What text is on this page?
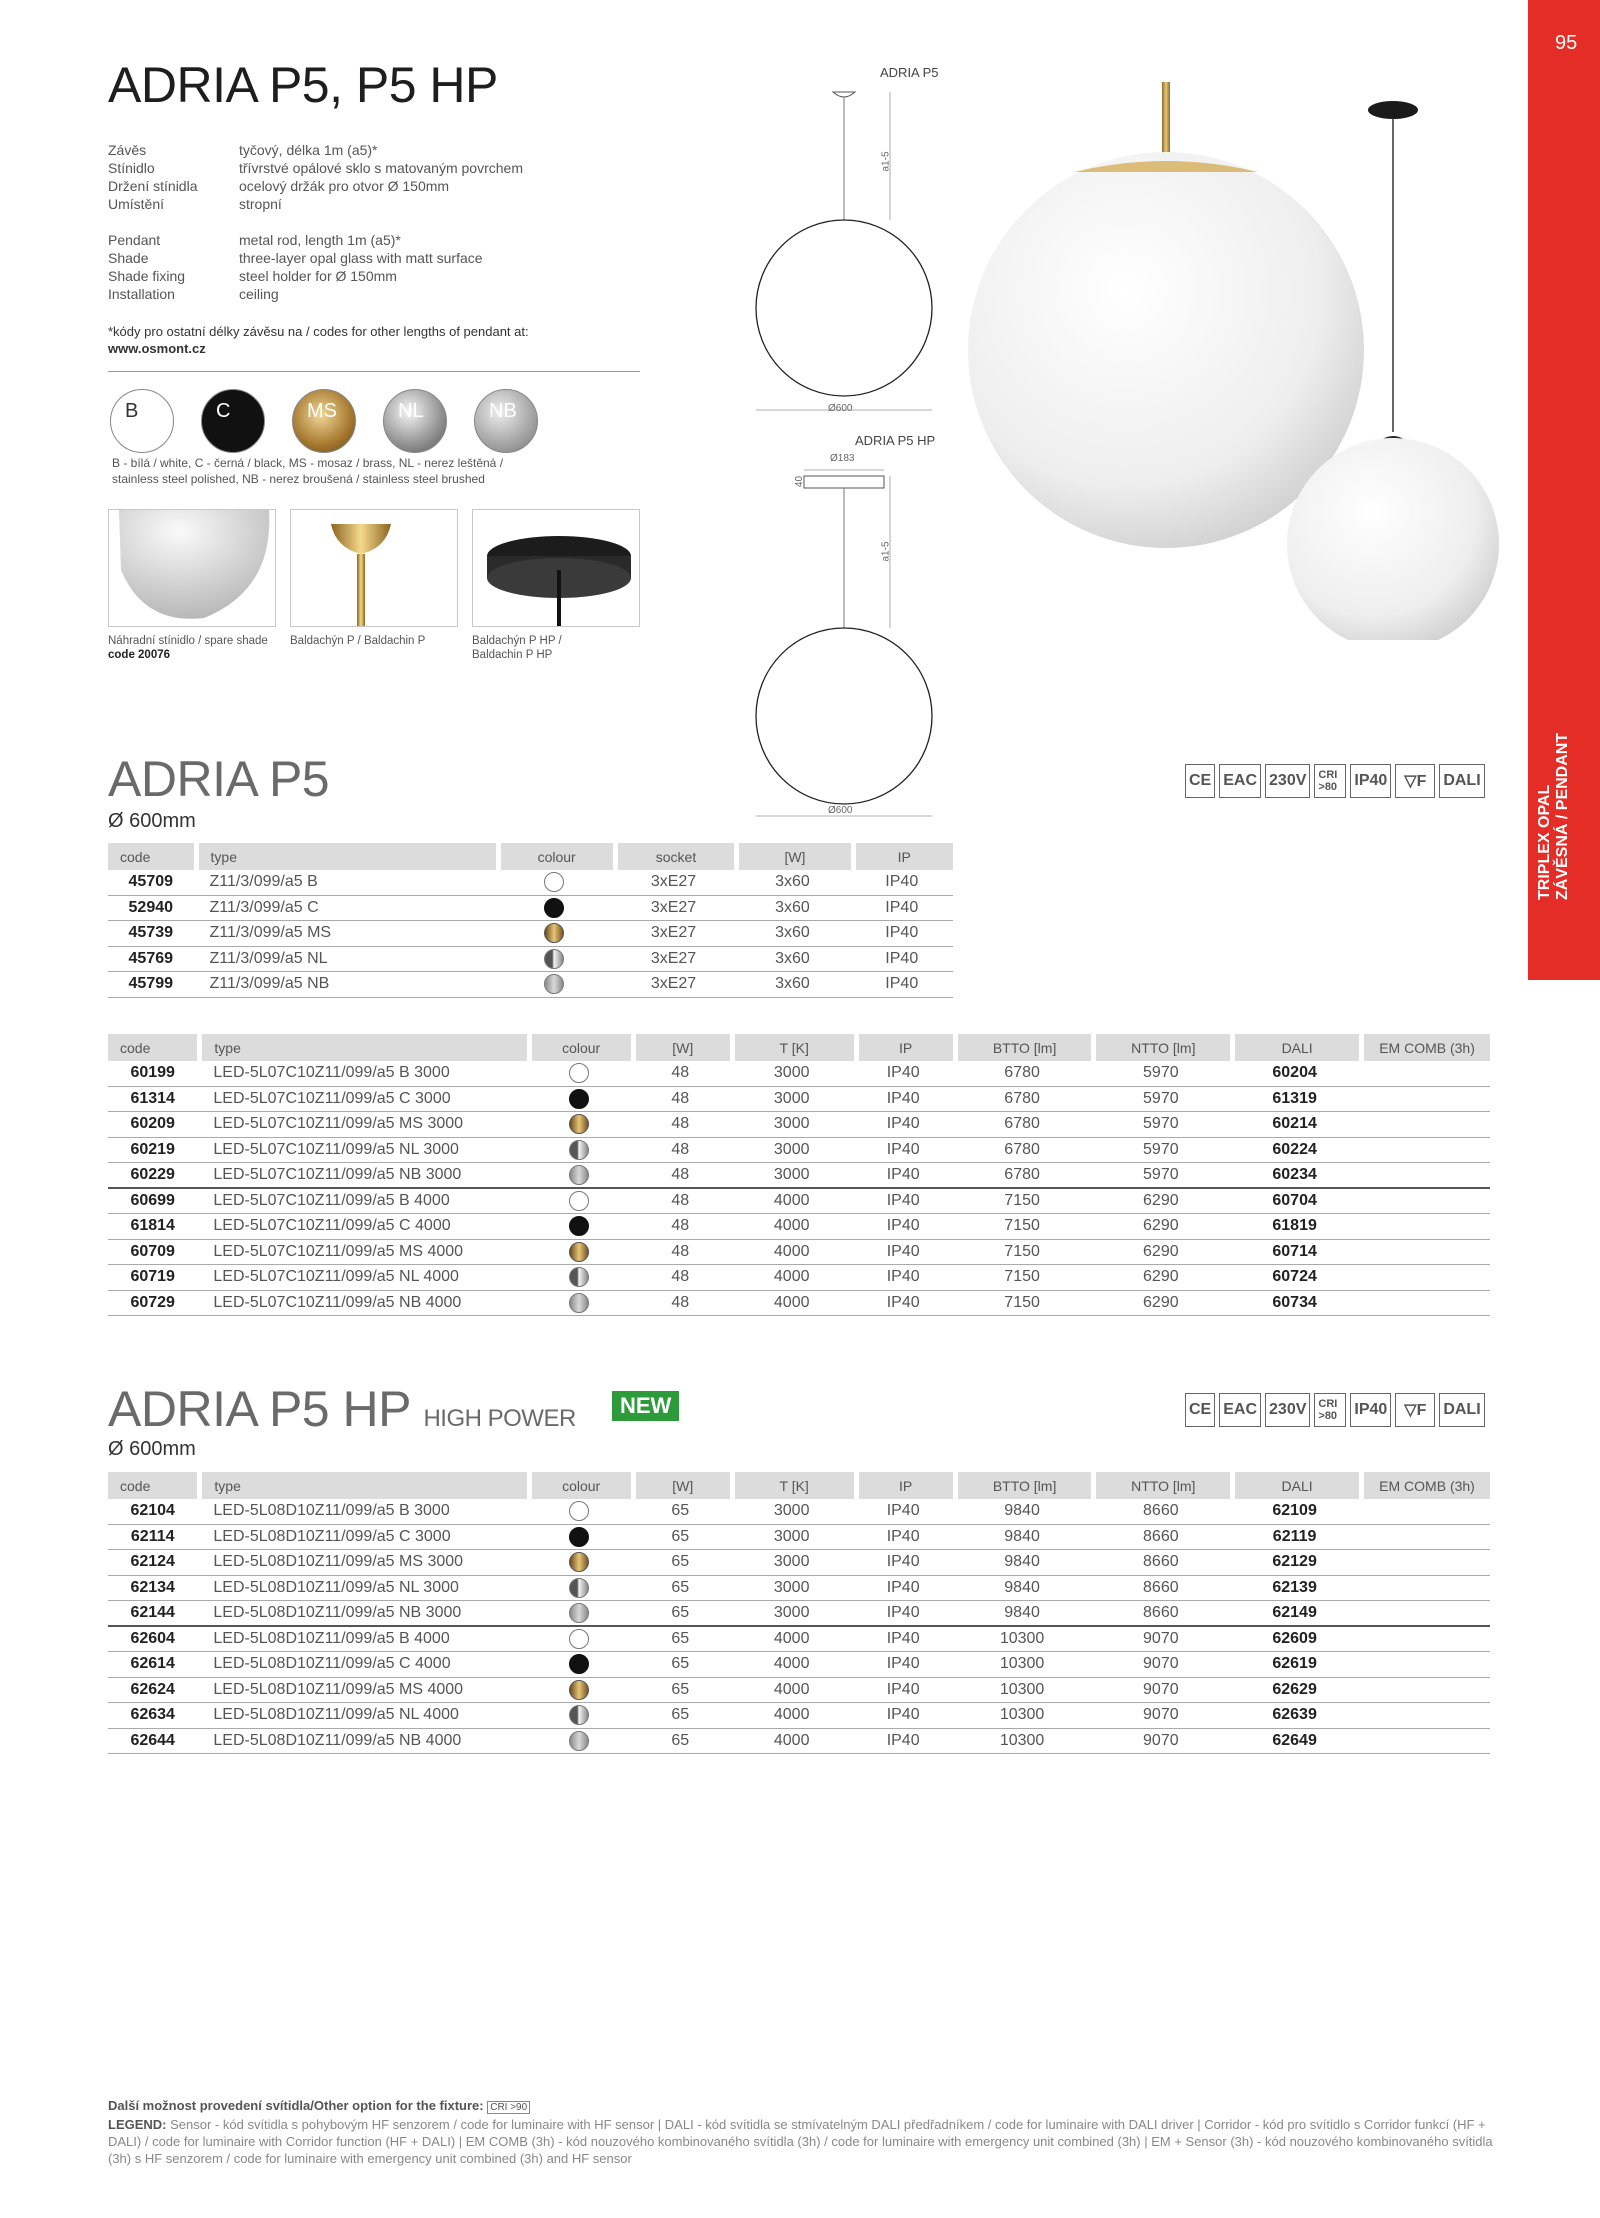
95
TRIPLEX OPAL ZÁVĚSNÁ / PENDANT
ADRIA P5, P5 HP
Závěs	tyčový, délka 1m (a5)*
Stínidlo	třívrstvé opálové sklo s matovaným povrchem
Držení stínidla	ocelový držák pro otvor Ø 150mm
Umístění	stropní
Pendant	metal rod, length 1m (a5)*
Shade	three-layer opal glass with matt surface
Shade fixing	steel holder for Ø 150mm
Installation	ceiling
*kódy pro ostatní délky závěsu na / codes for other lengths of pendant at:
www.osmont.cz
B	C	MS	NL	NB
B - bílá / white, C - černá / black, MS - mosaz / brass, NL - nerez leštěná /
stainless steel polished, NB - nerez broušená / stainless steel brushed
Náhradní stínidlo / spare shade
code 20076
Baldachýn P / Baldachin P	Baldachýn P HP /
Baldachin P HP
ADRIA P5
ADRIA P5 HP
a1-5
Ø600
Ø183
40
a1-5
Ø600
ADRIA P5
Ø 600mm
CE EAC 230V	CRI >80	IP40	▽F	DALI
code	type	colour	socket	[W]	IP
45709	Z11/3/099/a5 B		3xE27	3x60	IP40
52940	Z11/3/099/a5 C		3xE27	3x60	IP40
45739	Z11/3/099/a5 MS		3xE27	3x60	IP40
45769	Z11/3/099/a5 NL		3xE27	3x60	IP40
45799	Z11/3/099/a5 NB		3xE27	3x60	IP40
code	type	colour	[W]	T [K]	IP	BTTO [lm]	NTTO [lm]	DALI	EM COMB (3h)
60199	LED-5L07C10Z11/099/a5 B 3000		48	3000	IP40	6780	5970	60204	
61314	LED-5L07C10Z11/099/a5 C 3000		48	3000	IP40	6780	5970	61319	
60209	LED-5L07C10Z11/099/a5 MS 3000		48	3000	IP40	6780	5970	60214	
60219	LED-5L07C10Z11/099/a5 NL 3000		48	3000	IP40	6780	5970	60224	
60229	LED-5L07C10Z11/099/a5 NB 3000		48	3000	IP40	6780	5970	60234	
60699	LED-5L07C10Z11/099/a5 B 4000		48	4000	IP40	7150	6290	60704	
61814	LED-5L07C10Z11/099/a5 C 4000		48	4000	IP40	7150	6290	61819	
60709	LED-5L07C10Z11/099/a5 MS 4000		48	4000	IP40	7150	6290	60714	
60719	LED-5L07C10Z11/099/a5 NL 4000		48	4000	IP40	7150	6290	60724	
60729	LED-5L07C10Z11/099/a5 NB 4000		48	4000	IP40	7150	6290	60734	
ADRIA P5 HP HIGH POWER	NEW
Ø 600mm
CE EAC 230V	CRI >80	IP40	▽F	DALI
code	type	colour	[W]	T [K]	IP	BTTO [lm]	NTTO [lm]	DALI	EM COMB (3h)
62104	LED-5L08D10Z11/099/a5 B 3000		65	3000	IP40	9840	8660	62109	
62114	LED-5L08D10Z11/099/a5 C 3000		65	3000	IP40	9840	8660	62119	
62124	LED-5L08D10Z11/099/a5 MS 3000		65	3000	IP40	9840	8660	62129	
62134	LED-5L08D10Z11/099/a5 NL 3000		65	3000	IP40	9840	8660	62139	
62144	LED-5L08D10Z11/099/a5 NB 3000		65	3000	IP40	9840	8660	62149	
62604	LED-5L08D10Z11/099/a5 B 4000		65	4000	IP40	10300	9070	62609	
62614	LED-5L08D10Z11/099/a5 C 4000		65	4000	IP40	10300	9070	62619	
62624	LED-5L08D10Z11/099/a5 MS 4000		65	4000	IP40	10300	9070	62629	
62634	LED-5L08D10Z11/099/a5 NL 4000		65	4000	IP40	10300	9070	62639	
62644	LED-5L08D10Z11/099/a5 NB 4000		65	4000	IP40	10300	9070	62649	
Další možnost provedení svítidla/Other option for the fixture: CRI >90
LEGEND: Sensor - kód svítidla s pohybovým HF senzorem / code for luminaire with HF sensor | DALI - kód svítidla se stmívatelným DALI předřadníkem / code for luminaire with DALI driver | Corridor - kód pro svítidlo s Corridor funkcí (HF + DALI) / code for luminaire with Corridor function (HF + DALI) | EM COMB (3h) - kód nouzového kombinovaného svítidla (3h) / code for luminaire with emergency unit combined (3h) | EM + Sensor (3h) - kód nouzového kombinovaného svítidla (3h) s HF senzorem / code for luminaire with emergency unit combined (3h) and HF sensor
